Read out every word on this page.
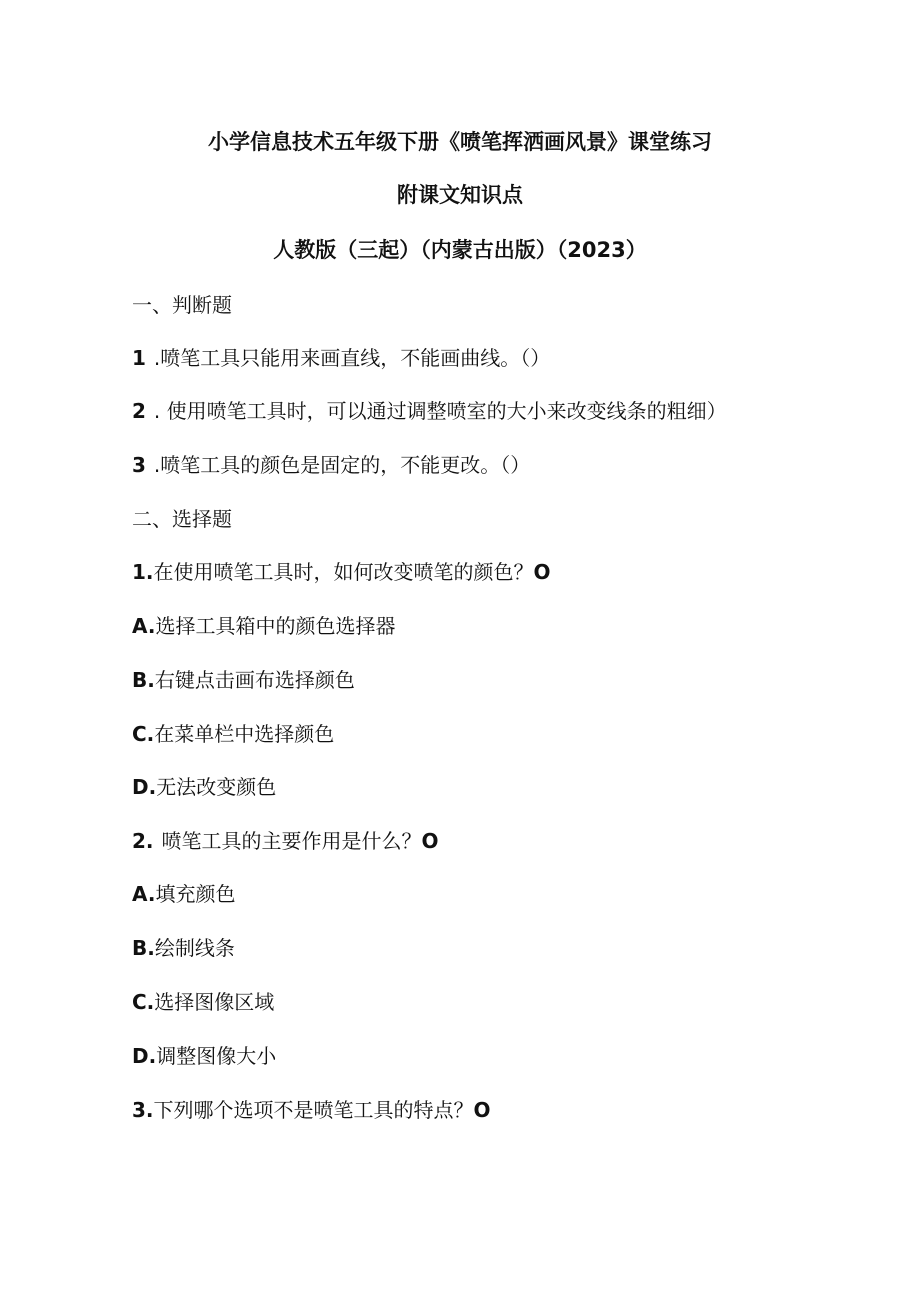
小学信息技术五年级下册《喷笔挥洒画风景》课堂练习
附课文知识点
人教版（三起）（内蒙古出版）（2023）
一、判断题
1 .喷笔工具只能用来画直线，不能画曲线。（）
2 . 使用喷笔工具时，可以通过调整喷室的大小来改变线条的粗细）
3 .喷笔工具的颜色是固定的，不能更改。（）
二、选择题
1.在使用喷笔工具时，如何改变喷笔的颜色？O
A.选择工具箱中的颜色选择器
B.右键点击画布选择颜色
C.在菜单栏中选择颜色
D.无法改变颜色
2. 喷笔工具的主要作用是什么？O
A.填充颜色
B.绘制线条
C.选择图像区域
D.调整图像大小
3.下列哪个选项不是喷笔工具的特点？O
